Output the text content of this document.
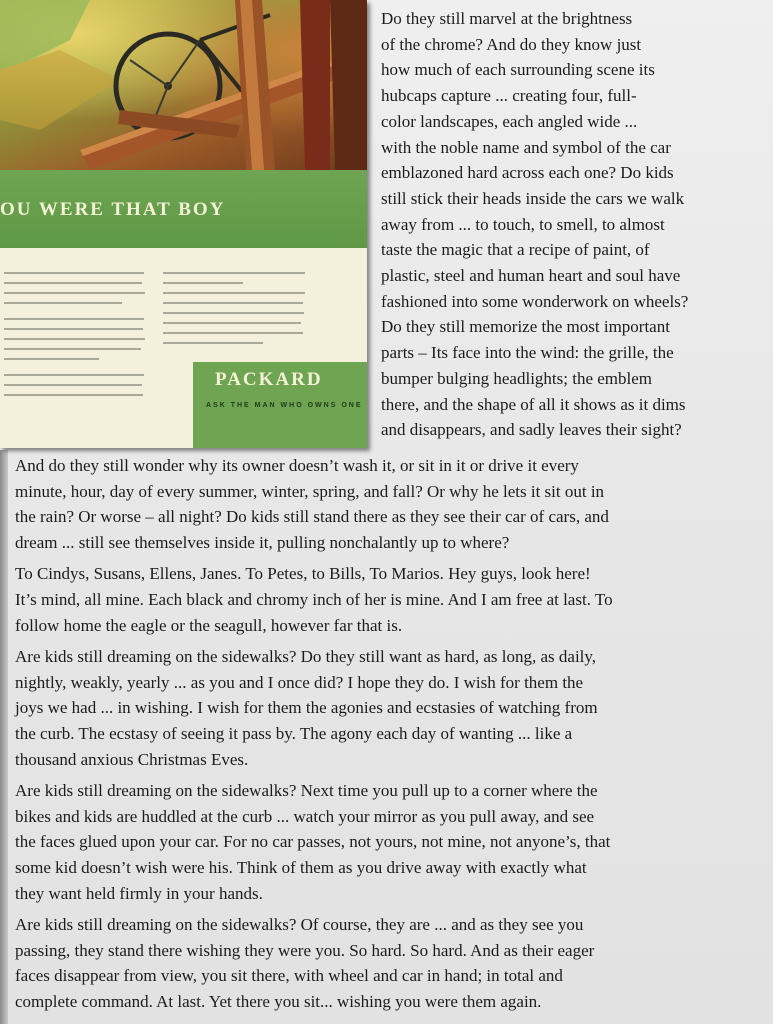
OU WERE THAT BOY
PACKARD
ASK THE MAN WHO OWNS ONE
Do they still marvel at the brightness
of the chrome? And do they know just
how much of each surrounding scene its
hubcaps capture ... creating four, full-
color landscapes, each angled wide ...
with the noble name and symbol of the car
emblazoned hard across each one? Do kids
still stick their heads inside the cars we walk
away from ... to touch, to smell, to almost
taste the magic that a recipe of paint, of
plastic, steel and human heart and soul have
fashioned into some wonderwork on wheels?
Do they still memorize the most important
parts – Its face into the wind: the grille, the
bumper bulging headlights; the emblem
there, and the shape of all it shows as it dims
and disappears, and sadly leaves their sight?
And do they still wonder why its owner doesn’t wash it, or sit in it or drive it every
minute, hour, day of every summer, winter, spring, and fall? Or why he lets it sit out in
the rain? Or worse – all night? Do kids still stand there as they see their car of cars, and
dream ... still see themselves inside it, pulling nonchalantly up to where?
To Cindys, Susans, Ellens, Janes. To Petes, to Bills, To Marios. Hey guys, look here!
It’s mind, all mine. Each black and chromy inch of her is mine. And I am free at last. To
follow home the eagle or the seagull, however far that is.
Are kids still dreaming on the sidewalks? Do they still want as hard, as long, as daily,
nightly, weakly, yearly ... as you and I once did? I hope they do. I wish for them the
joys we had ... in wishing. I wish for them the agonies and ecstasies of watching from
the curb. The ecstasy of seeing it pass by. The agony each day of wanting ... like a
thousand anxious Christmas Eves.
Are kids still dreaming on the sidewalks? Next time you pull up to a corner where the
bikes and kids are huddled at the curb ... watch your mirror as you pull away, and see
the faces glued upon your car. For no car passes, not yours, not mine, not anyone’s, that
some kid doesn’t wish were his. Think of them as you drive away with exactly what
they want held firmly in your hands.
Are kids still dreaming on the sidewalks? Of course, they are ... and as they see you
passing, they stand there wishing they were you. So hard. So hard. And as their eager
faces disappear from view, you sit there, with wheel and car in hand; in total and
complete command. At last. Yet there you sit... wishing you were them again.
